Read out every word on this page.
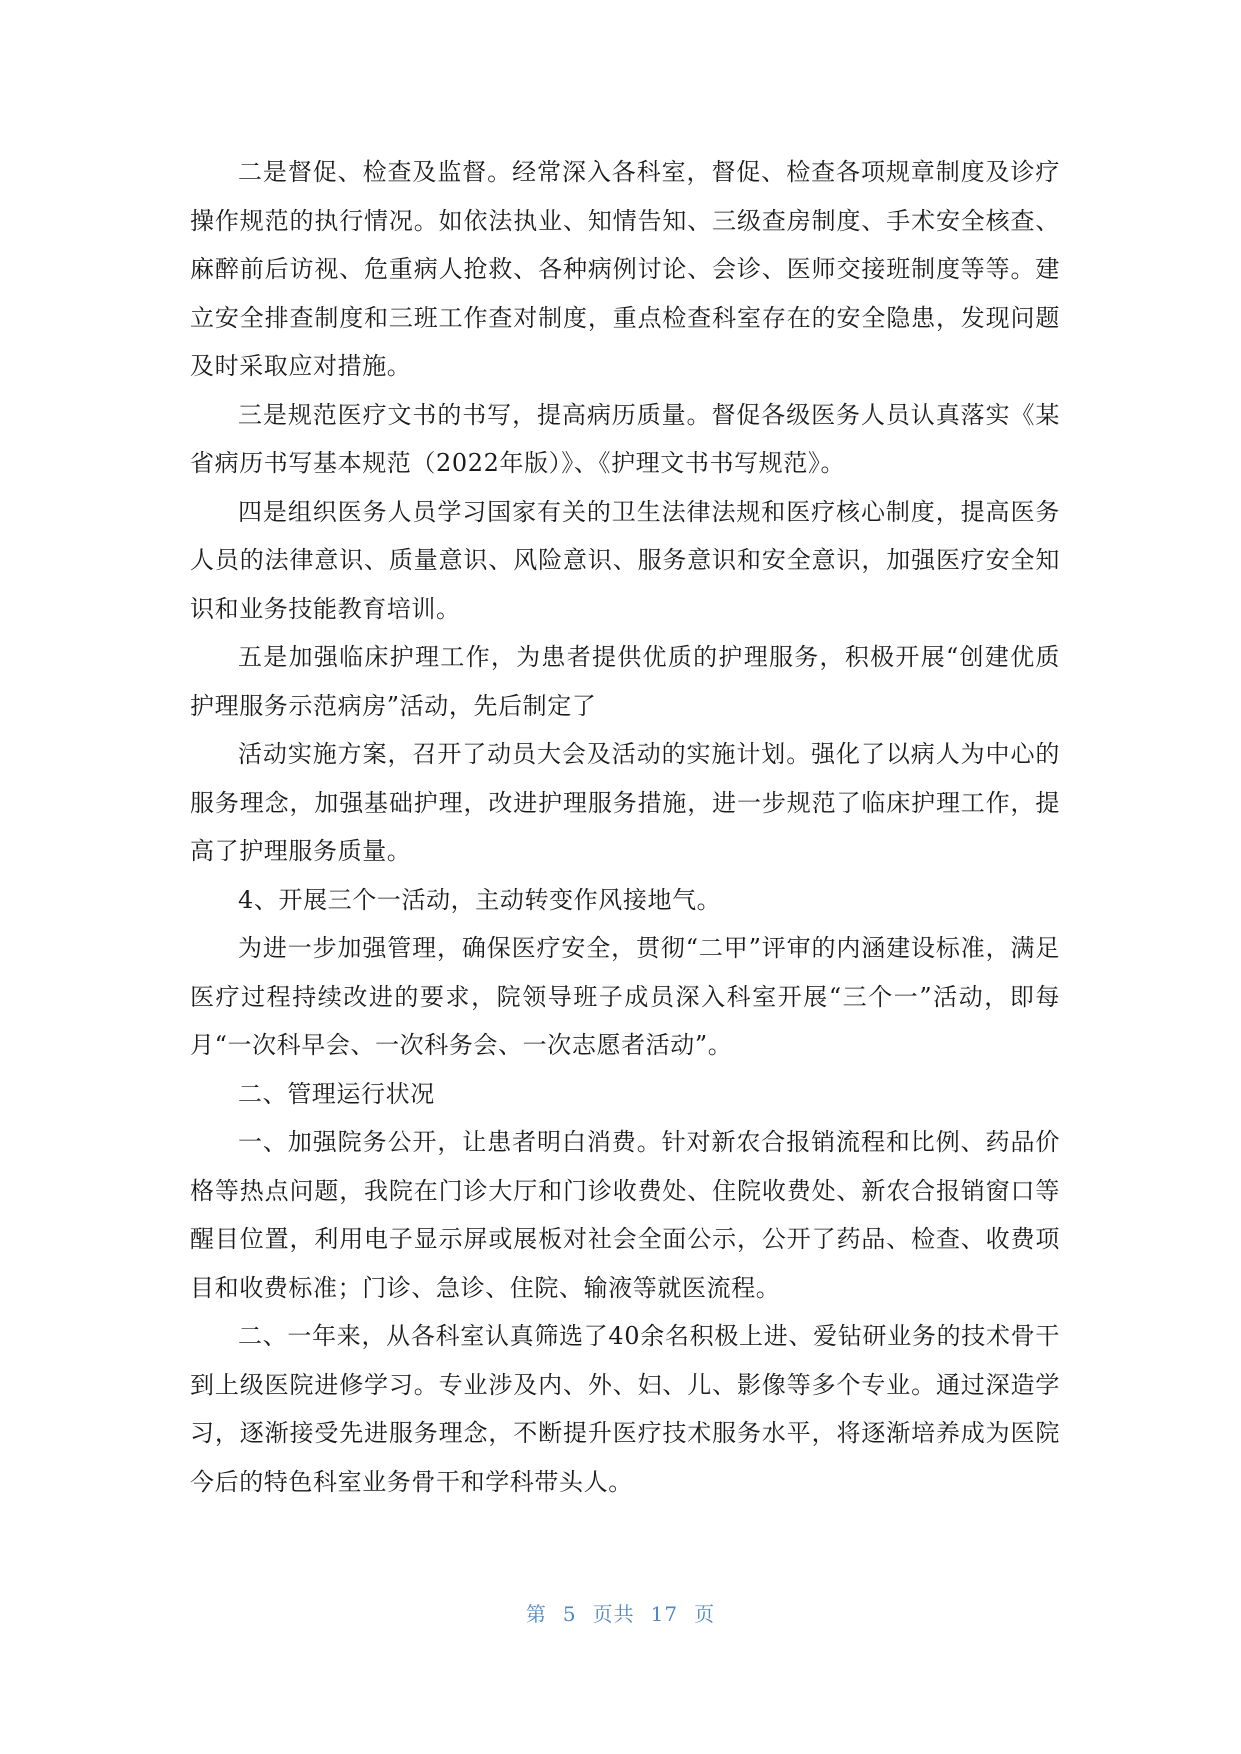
二是督促、检查及监督。经常深入各科室，督促、检查各项规章制度及诊疗操作规范的执行情况。如依法执业、知情告知、三级查房制度、手术安全核查、麻醉前后访视、危重病人抢救、各种病例讨论、会诊、医师交接班制度等等。建立安全排查制度和三班工作查对制度，重点检查科室存在的安全隐患，发现问题及时采取应对措施。

三是规范医疗文书的书写，提高病历质量。督促各级医务人员认真落实《某省病历书写基本规范（2022年版）》、《护理文书书写规范》。

四是组织医务人员学习国家有关的卫生法律法规和医疗核心制度，提高医务人员的法律意识、质量意识、风险意识、服务意识和安全意识，加强医疗安全知识和业务技能教育培训。

五是加强临床护理工作，为患者提供优质的护理服务，积极开展“创建优质护理服务示范病房”活动，先后制定了

活动实施方案，召开了动员大会及活动的实施计划。强化了以病人为中心的服务理念，加强基础护理，改进护理服务措施，进一步规范了临床护理工作，提高了护理服务质量。

4、开展三个一活动，主动转变作风接地气。

为进一步加强管理，确保医疗安全，贯彻“二甲”评审的内涵建设标准，满足医疗过程持续改进的要求，院领导班子成员深入科室开展“三个一”活动，即每月“一次科早会、一次科务会、一次志愿者活动”。

二、管理运行状况

一、加强院务公开，让患者明白消费。针对新农合报销流程和比例、药品价格等热点问题，我院在门诊大厅和门诊收费处、住院收费处、新农合报销窗口等醒目位置，利用电子显示屏或展板对社会全面公示，公开了药品、检查、收费项目和收费标准；门诊、急诊、住院、输液等就医流程。

二、一年来，从各科室认真筛选了40余名积极上进、爱钻研业务的技术骨干到上级医院进修学习。专业涉及内、外、妇、儿、影像等多个专业。通过深造学习，逐渐接受先进服务理念，不断提升医疗技术服务水平，将逐渐培养成为医院今后的特色科室业务骨干和学科带头人。

第 5 页共 17 页
